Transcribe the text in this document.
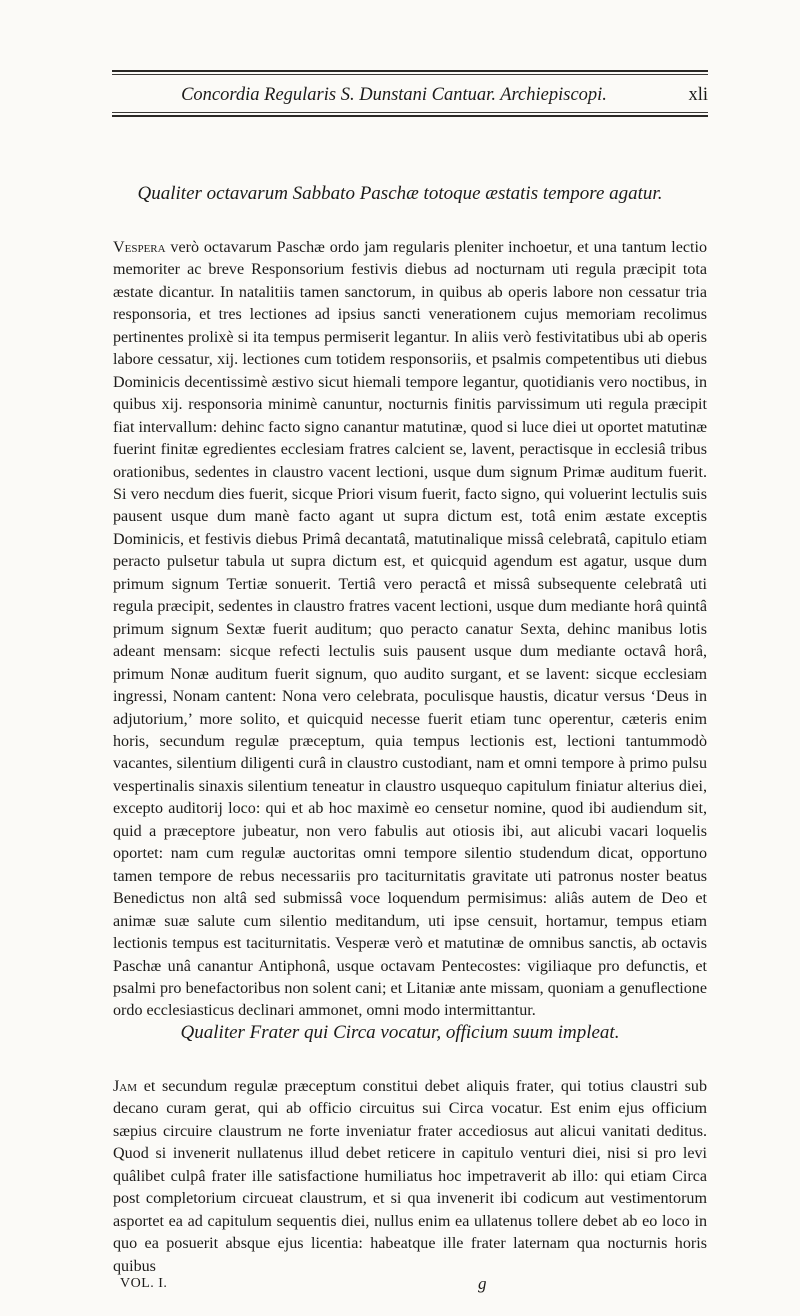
Concordia Regularis S. Dunstani Cantuar. Archiepiscopi.	xli
Qualiter octavarum Sabbato Paschæ totoque æstatis tempore agatur.

Vespera verò octavarum Paschæ ordo jam regularis pleniter inchoetur, et una tantum lectio memoriter ac breve Responsorium festivis diebus ad nocturnam uti regula præcipit tota æstate dicantur. In natalitiis tamen sanctorum, in quibus ab operis labore non cessatur tria responsoria, et tres lectiones ad ipsius sancti venerationem cujus memoriam recolimus pertinentes prolixè si ita tempus permiserit legantur. In aliis verò festivitatibus ubi ab operis labore cessatur, xij. lectiones cum totidem responsoriis, et psalmis competentibus uti diebus Dominicis decentissimè æstivo sicut hiemali tempore legantur, quotidianis vero noctibus, in quibus xij. responsoria minimè canuntur, nocturnis finitis parvissimum uti regula præcipit fiat intervallum: dehinc facto signo canantur matutinæ, quod si luce diei ut oportet matutinæ fuerint finitæ egredientes ecclesiam fratres calcient se, lavent, peractisque in ecclesiâ tribus orationibus, sedentes in claustro vacent lectioni, usque dum signum Primæ auditum fuerit. Si vero necdum dies fuerit, sicque Priori visum fuerit, facto signo, qui voluerint lectulis suis pausent usque dum manè facto agant ut supra dictum est, totâ enim æstate exceptis Dominicis, et festivis diebus Primâ decantatâ, matutinalique missâ celebratâ, capitulo etiam peracto pulsetur tabula ut supra dictum est, et quicquid agendum est agatur, usque dum primum signum Tertiæ sonuerit. Tertiâ vero peractâ et missâ subsequente celebratâ uti regula præcipit, sedentes in claustro fratres vacent lectioni, usque dum mediante horâ quintâ primum signum Sextæ fuerit auditum; quo peracto canatur Sexta, dehinc manibus lotis adeant mensam: sicque refecti lectulis suis pausent usque dum mediante octavâ horâ, primum Nonæ auditum fuerit signum, quo audito surgant, et se lavent: sicque ecclesiam ingressi, Nonam cantent: Nona vero celebrata, poculisque haustis, dicatur versus ‘Deus in adjutorium,’ more solito, et quicquid necesse fuerit etiam tunc operentur, cæteris enim horis, secundum regulæ præceptum, quia tempus lectionis est, lectioni tantummodò vacantes, silentium diligenti curâ in claustro custodiant, nam et omni tempore à primo pulsu vespertinalis sinaxis silentium teneatur in claustro usquequo capitulum finiatur alterius diei, excepto auditorij loco: qui et ab hoc maximè eo censetur nomine, quod ibi audiendum sit, quid a præceptore jubeatur, non vero fabulis aut otiosis ibi, aut alicubi vacari loquelis oportet: nam cum regulæ auctoritas omni tempore silentio studendum dicat, opportuno tamen tempore de rebus necessariis pro taciturnitatis gravitate uti patronus noster beatus Benedictus non altâ sed submissâ voce loquendum permisimus: aliâs autem de Deo et animæ suæ salute cum silentio meditandum, uti ipse censuit, hortamur, tempus etiam lectionis tempus est taciturnitatis. Vesperæ verò et matutinæ de omnibus sanctis, ab octavis Paschæ unâ canantur Antiphonâ, usque octavam Pentecostes: vigiliaque pro defunctis, et psalmi pro benefactoribus non solent cani; et Litaniæ ante missam, quoniam a genuflectione ordo ecclesiasticus declinari ammonet, omni modo intermittantur.

Qualiter Frater qui Circa vocatur, officium suum impleat.

Jam et secundum regulæ præceptum constitui debet aliquis frater, qui totius claustri sub decano curam gerat, qui ab officio circuitus sui Circa vocatur. Est enim ejus officium sæpius circuire claustrum ne forte inveniatur frater accediosus aut alicui vanitati deditus. Quod si invenerit nullatenus illud debet reticere in capitulo venturi diei, nisi si pro levi quâlibet culpâ frater ille satisfactione humiliatus hoc impetraverit ab illo: qui etiam Circa post completorium circueat claustrum, et si qua invenerit ibi codicum aut vestimentorum asportet ea ad capitulum sequentis diei, nullus enim ea ullatenus tollere debet ab eo loco in quo ea posuerit absque ejus licentia: habeatque ille frater laternam qua nocturnis horis quibus

VOL. I.	g
